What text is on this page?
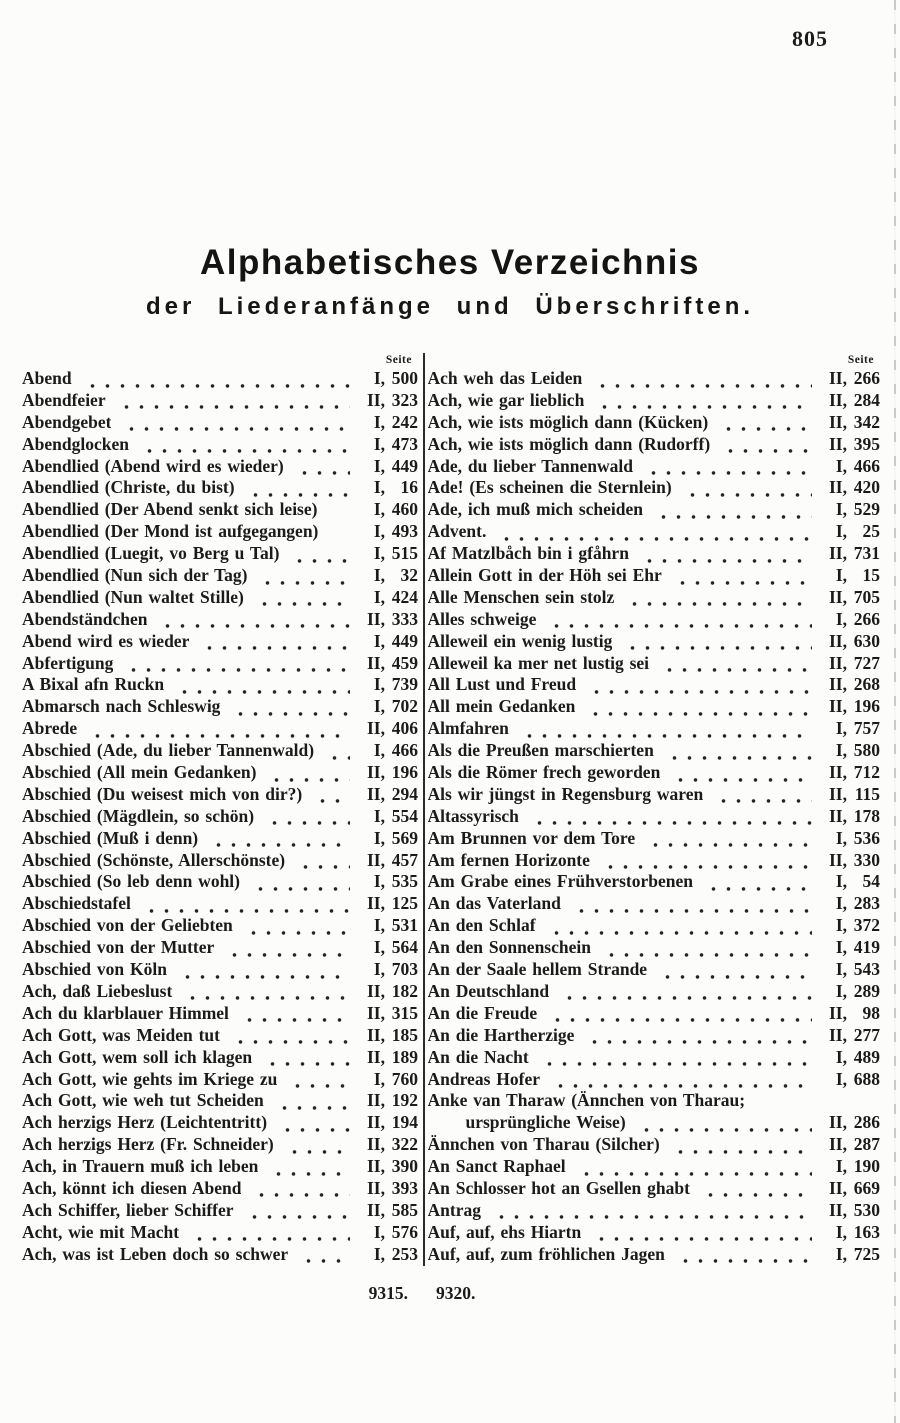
805
Alphabetisches Verzeichnis
der Liederanfänge und Überschriften.
Seite
Abend	I, 500
Abendfeier	II, 323
Abendgebet	I, 242
Abendglocken	I, 473
Abendlied (Abend wird es wieder)	I, 449
Abendlied (Christe, du bist)	I, 16
Abendlied (Der Abend senkt sich leise)	I, 460
Abendlied (Der Mond ist aufgegangen)	I, 493
Abendlied (Luegit, vo Berg u Tal)	I, 515
Abendlied (Nun sich der Tag)	I, 32
Abendlied (Nun waltet Stille)	I, 424
Abendständchen	II, 333
Abend wird es wieder	I, 449
Abfertigung	II, 459
A Bixal afn Ruckn	I, 739
Abmarsch nach Schleswig	I, 702
Abrede	II, 406
Abschied (Ade, du lieber Tannenwald)	I, 466
Abschied (All mein Gedanken)	II, 196
Abschied (Du weisest mich von dir?)	II, 294
Abschied (Mägdlein, so schön)	I, 554
Abschied (Muß i denn)	I, 569
Abschied (Schönste, Allerschönste)	II, 457
Abschied (So leb denn wohl)	I, 535
Abschiedstafel	II, 125
Abschied von der Geliebten	I, 531
Abschied von der Mutter	I, 564
Abschied von Köln	I, 703
Ach, daß Liebeslust	II, 182
Ach du klarblauer Himmel	II, 315
Ach Gott, was Meiden tut	II, 185
Ach Gott, wem soll ich klagen	II, 189
Ach Gott, wie gehts im Kriege zu	I, 760
Ach Gott, wie weh tut Scheiden	II, 192
Ach herzigs Herz (Leichtentritt)	II, 194
Ach herzigs Herz (Fr. Schneider)	II, 322
Ach, in Trauern muß ich leben	II, 390
Ach, könnt ich diesen Abend	II, 393
Ach Schiffer, lieber Schiffer	II, 585
Acht, wie mit Macht	I, 576
Ach, was ist Leben doch so schwer	I, 253
Seite
Ach weh das Leiden	II, 266
Ach, wie gar lieblich	II, 284
Ach, wie ists möglich dann (Kücken)	II, 342
Ach, wie ists möglich dann (Rudorff)	II, 395
Ade, du lieber Tannenwald	I, 466
Ade! (Es scheinen die Sternlein)	II, 420
Ade, ich muß mich scheiden	I, 529
Advent.	I, 25
Af Matzlbåch bin i gfåhrn	II, 731
Allein Gott in der Höh sei Ehr	I, 15
Alle Menschen sein stolz	II, 705
Alles schweige	I, 266
Alleweil ein wenig lustig	II, 630
Alleweil ka mer net lustig sei	II, 727
All Lust und Freud	II, 268
All mein Gedanken	II, 196
Almfahren	I, 757
Als die Preußen marschierten	I, 580
Als die Römer frech geworden	II, 712
Als wir jüngst in Regensburg waren	II, 115
Altassyrisch	II, 178
Am Brunnen vor dem Tore	I, 536
Am fernen Horizonte	II, 330
Am Grabe eines Frühverstorbenen	I, 54
An das Vaterland	I, 283
An den Schlaf	I, 372
An den Sonnenschein	I, 419
An der Saale hellem Strande	I, 543
An Deutschland	I, 289
An die Freude	II, 98
An die Hartherzige	II, 277
An die Nacht	I, 489
Andreas Hofer	I, 688
Anke van Tharaw (Ännchen von Tharau;
ursprüngliche Weise)	II, 286
Ännchen von Tharau (Silcher)	II, 287
An Sanct Raphael	I, 190
An Schlosser hot an Gsellen ghabt	II, 669
Antrag	II, 530
Auf, auf, ehs Hiartn	I, 163
Auf, auf, zum fröhlichen Jagen	I, 725
9315. 9320.
